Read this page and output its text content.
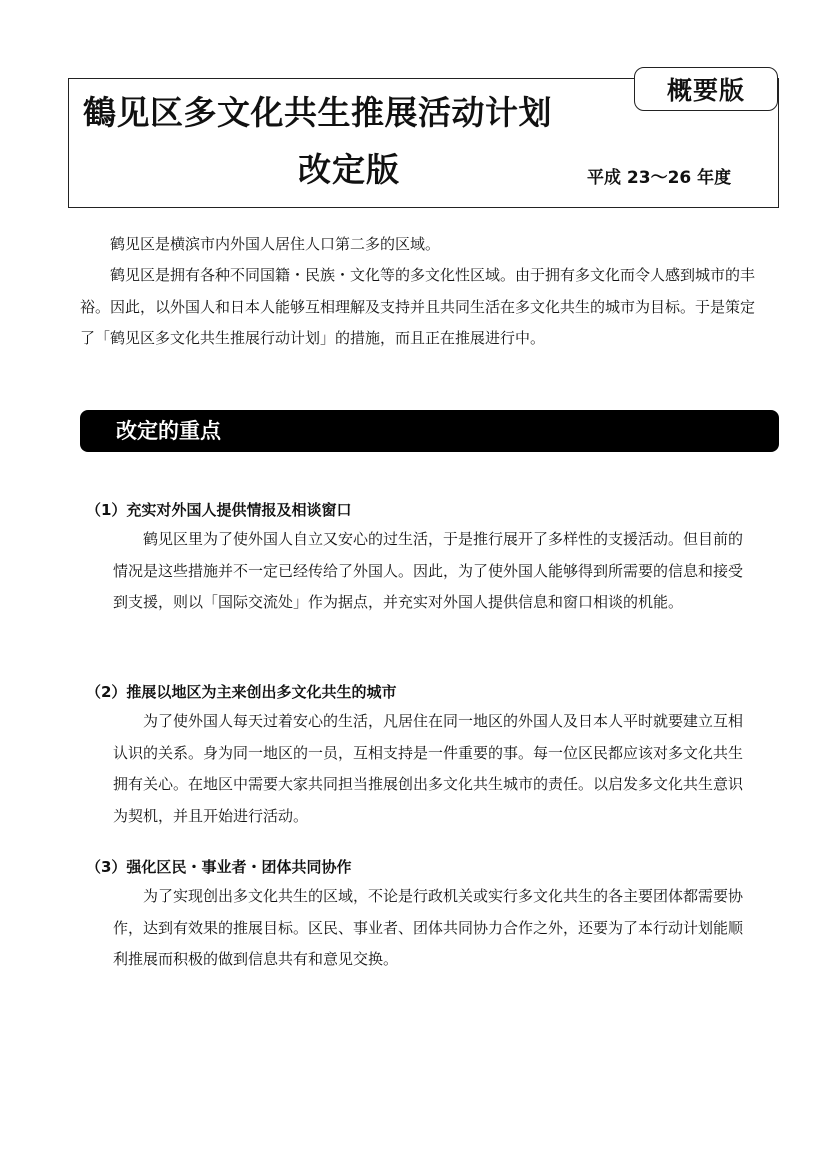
鶴见区多文化共生推展活动计划
改定版	平成 23～26 年度
概要版
鹤见区是横滨市内外国人居住人口第二多的区域。
鹤见区是拥有各种不同国籍・民族・文化等的多文化性区域。由于拥有多文化而令人感到城市的丰裕。因此，以外国人和日本人能够互相理解及支持并且共同生活在多文化共生的城市为目标。于是策定了「鹤见区多文化共生推展行动计划」的措施，而且正在推展进行中。
改定的重点
（1）充实对外国人提供情报及相谈窗口
鹤见区里为了使外国人自立又安心的过生活，于是推行展开了多样性的支援活动。但目前的情况是这些措施并不一定已经传给了外国人。因此，为了使外国人能够得到所需要的信息和接受到支援，则以「国际交流处」作为据点，并充实对外国人提供信息和窗口相谈的机能。
（2）推展以地区为主来创出多文化共生的城市
为了使外国人每天过着安心的生活，凡居住在同一地区的外国人及日本人平时就要建立互相认识的关系。身为同一地区的一员，互相支持是一件重要的事。每一位区民都应该对多文化共生拥有关心。在地区中需要大家共同担当推展创出多文化共生城市的责任。以启发多文化共生意识为契机，并且开始进行活动。
（3）强化区民・事业者・团体共同协作
为了实现创出多文化共生的区域，不论是行政机关或实行多文化共生的各主要团体都需要协作，达到有效果的推展目标。区民、事业者、团体共同协力合作之外，还要为了本行动计划能顺利推展而积极的做到信息共有和意见交换。
